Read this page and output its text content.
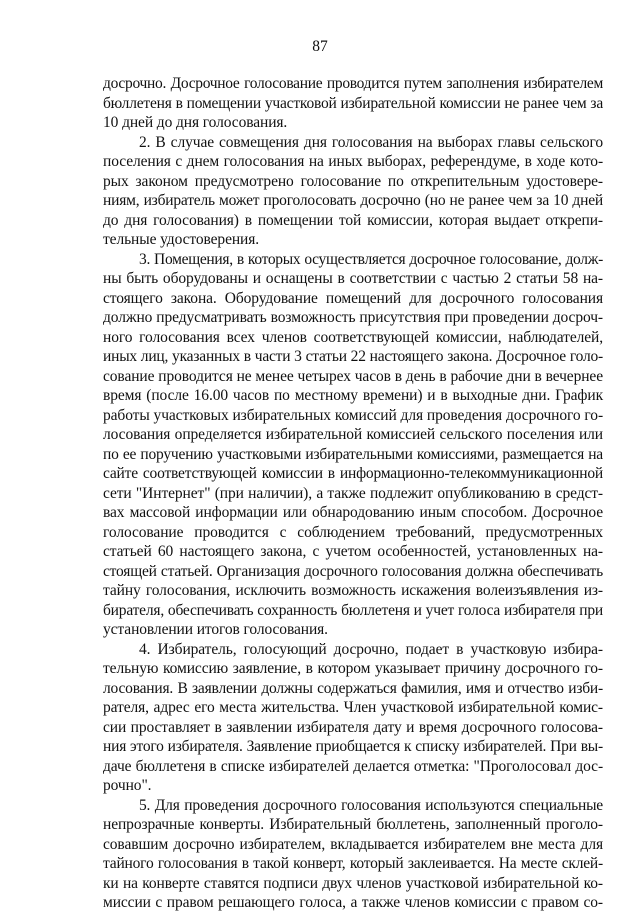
87
досрочно. Досрочное голосование проводится путем заполнения избирателем
бюллетеня в помещении участковой избирательной комиссии не ранее чем за
10 дней до дня голосования.
2. В случае совмещения дня голосования на выборах главы сельского
поселения с днем голосования на иных выборах, референдуме, в ходе кото-
рых законом предусмотрено голосование по открепительным удостовере-
ниям, избиратель может проголосовать досрочно (но не ранее чем за 10 дней
до дня голосования) в помещении той комиссии, которая выдает открепи-
тельные удостоверения.
3. Помещения, в которых осуществляется досрочное голосование, долж-
ны быть оборудованы и оснащены в соответствии с частью 2 статьи 58 на-
стоящего закона. Оборудование помещений для досрочного голосования
должно предусматривать возможность присутствия при проведении досроч-
ного голосования всех членов соответствующей комиссии, наблюдателей,
иных лиц, указанных в части 3 статьи 22 настоящего закона. Досрочное голо-
сование проводится не менее четырех часов в день в рабочие дни в вечернее
время (после 16.00 часов по местному времени) и в выходные дни. График
работы участковых избирательных комиссий для проведения досрочного го-
лосования определяется избирательной комиссией сельского поселения или
по ее поручению участковыми избирательными комиссиями, размещается на
сайте соответствующей комиссии в информационно-телекоммуникационной
сети "Интернет" (при наличии), а также подлежит опубликованию в средст-
вах массовой информации или обнародованию иным способом. Досрочное
голосование проводится с соблюдением требований, предусмотренных
статьей 60 настоящего закона, с учетом особенностей, установленных на-
стоящей статьей. Организация досрочного голосования должна обеспечивать
тайну голосования, исключить возможность искажения волеизъявления из-
бирателя, обеспечивать сохранность бюллетеня и учет голоса избирателя при
установлении итогов голосования.
4. Избиратель, голосующий досрочно, подает в участковую избира-
тельную комиссию заявление, в котором указывает причину досрочного го-
лосования. В заявлении должны содержаться фамилия, имя и отчество изби-
рателя, адрес его места жительства. Член участковой избирательной комис-
сии проставляет в заявлении избирателя дату и время досрочного голосова-
ния этого избирателя. Заявление приобщается к списку избирателей. При вы-
даче бюллетеня в списке избирателей делается отметка: "Проголосовал дос-
рочно".
5. Для проведения досрочного голосования используются специальные
непрозрачные конверты. Избирательный бюллетень, заполненный проголо-
совавшим досрочно избирателем, вкладывается избирателем вне места для
тайного голосования в такой конверт, который заклеивается. На месте склей-
ки на конверте ставятся подписи двух членов участковой избирательной ко-
миссии с правом решающего голоса, а также членов комиссии с правом со-
